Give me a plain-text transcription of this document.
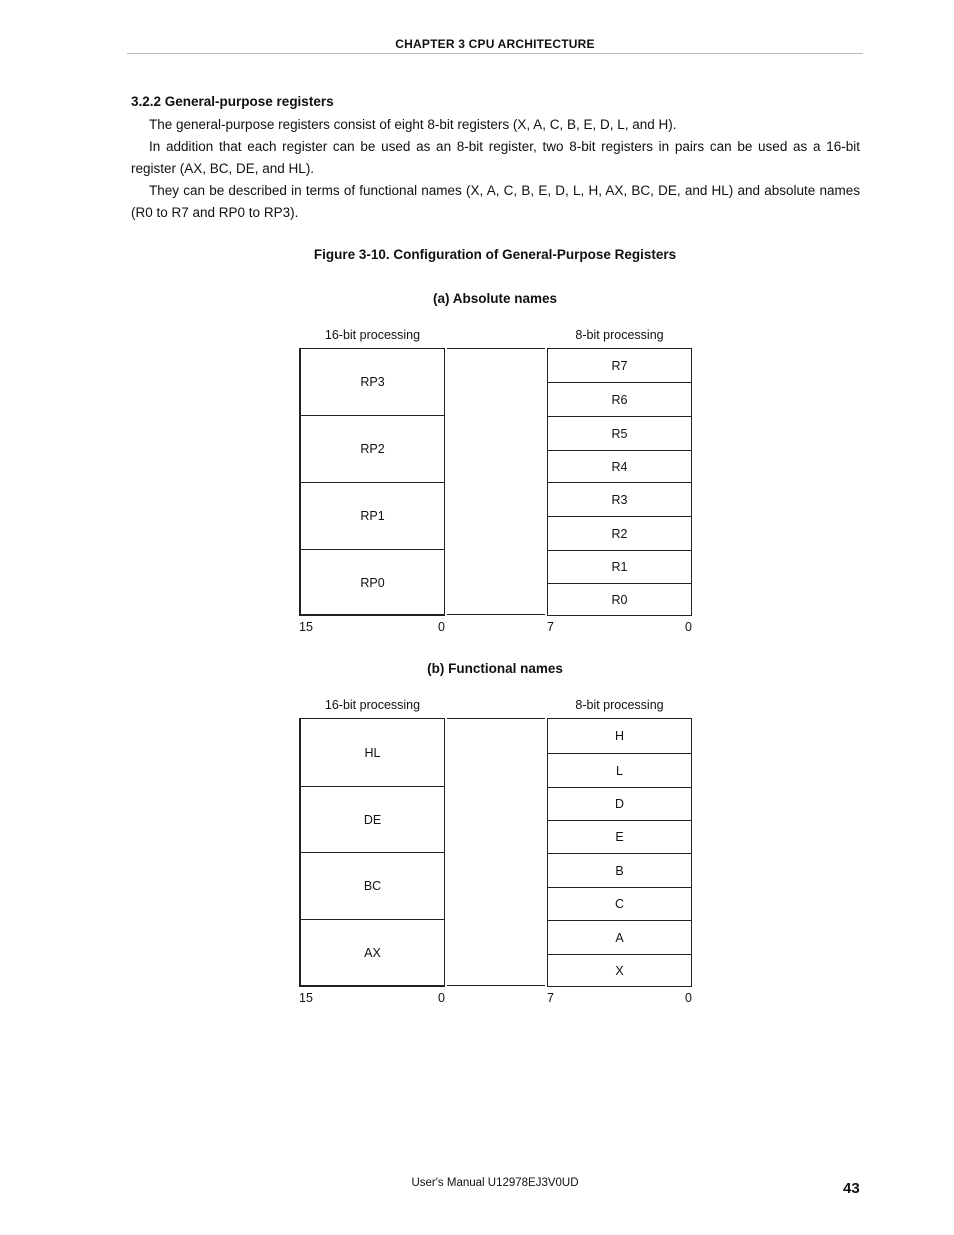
CHAPTER 3 CPU ARCHITECTURE
3.2.2 General-purpose registers
The general-purpose registers consist of eight 8-bit registers (X, A, C, B, E, D, L, and H).
In addition that each register can be used as an 8-bit register, two 8-bit registers in pairs can be used as a 16-bit register (AX, BC, DE, and HL).
They can be described in terms of functional names (X, A, C, B, E, D, L, H, AX, BC, DE, and HL) and absolute names (R0 to R7 and RP0 to RP3).
Figure 3-10. Configuration of General-Purpose Registers
(a) Absolute names
16-bit processing	8-bit processing
RP3
RP2
RP1
RP0
R7
R6
R5
R4
R3
R2
R1
R0
15	0	7	0
(b) Functional names
16-bit processing	8-bit processing
HL
DE
BC
AX
H
L
D
E
B
C
A
X
15	0	7	0
User's Manual U12978EJ3V0UD	43
